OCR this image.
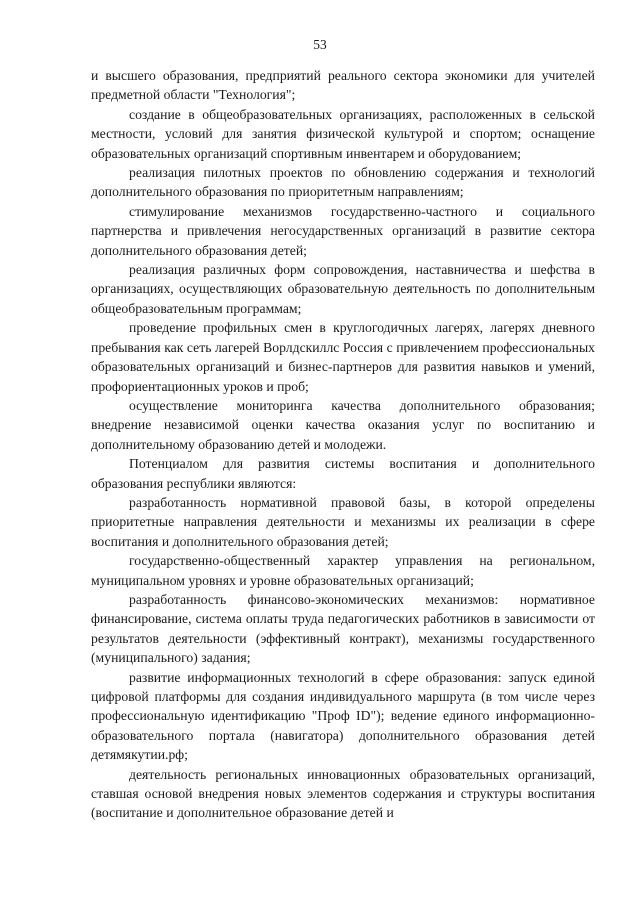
53

и высшего образования, предприятий реального сектора экономики для учителей предметной области "Технология";

создание в общеобразовательных организациях, расположенных в сельской местности, условий для занятия физической культурой и спортом; оснащение образовательных организаций спортивным инвентарем и оборудованием;

реализация пилотных проектов по обновлению содержания и технологий дополнительного образования по приоритетным направлениям;

стимулирование механизмов государственно-частного и социального партнерства и привлечения негосударственных организаций в развитие сектора дополнительного образования детей;

реализация различных форм сопровождения, наставничества и шефства в организациях, осуществляющих образовательную деятельность по дополнительным общеобразовательным программам;

проведение профильных смен в круглогодичных лагерях, лагерях дневного пребывания как сеть лагерей Ворлдскиллс Россия с привлечением профессиональных образовательных организаций и бизнес-партнеров для развития навыков и умений, профориентационных уроков и проб;

осуществление мониторинга качества дополнительного образования; внедрение независимой оценки качества оказания услуг по воспитанию и дополнительному образованию детей и молодежи.

Потенциалом для развития системы воспитания и дополнительного образования республики являются:

разработанность нормативной правовой базы, в которой определены приоритетные направления деятельности и механизмы их реализации в сфере воспитания и дополнительного образования детей;

государственно-общественный характер управления на региональном, муниципальном уровнях и уровне образовательных организаций;

разработанность финансово-экономических механизмов: нормативное финансирование, система оплаты труда педагогических работников в зависимости от результатов деятельности (эффективный контракт), механизмы государственного (муниципального) задания;

развитие информационных технологий в сфере образования: запуск единой цифровой платформы для создания индивидуального маршрута (в том числе через профессиональную идентификацию "Проф ID"); ведение единого информационно-образовательного портала (навигатора) дополнительного образования детей детямякутии.рф;

деятельность региональных инновационных образовательных организаций, ставшая основой внедрения новых элементов содержания и структуры воспитания (воспитание и дополнительное образование детей и
